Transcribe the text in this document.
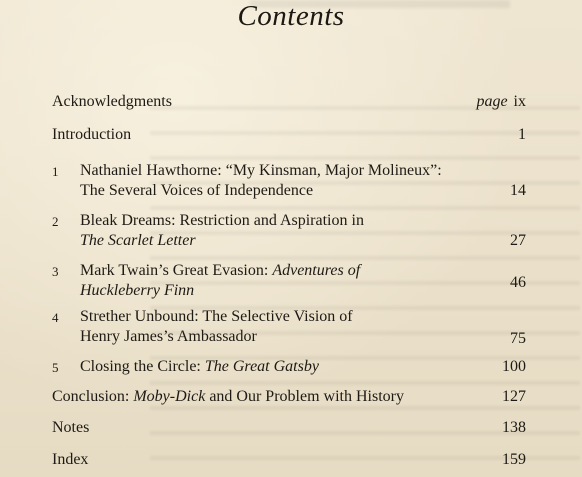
Contents
Acknowledgments	page ix
Introduction	1
1	Nathaniel Hawthorne: “My Kinsman, Major Molineux”:
The Several Voices of Independence	14
2	Bleak Dreams: Restriction and Aspiration in
The Scarlet Letter	27
3	Mark Twain’s Great Evasion: Adventures of
Huckleberry Finn	46
4	Strether Unbound: The Selective Vision of
Henry James’s Ambassador	75
5	Closing the Circle: The Great Gatsby	100
Conclusion: Moby-Dick and Our Problem with History	127
Notes	138
Index	159
